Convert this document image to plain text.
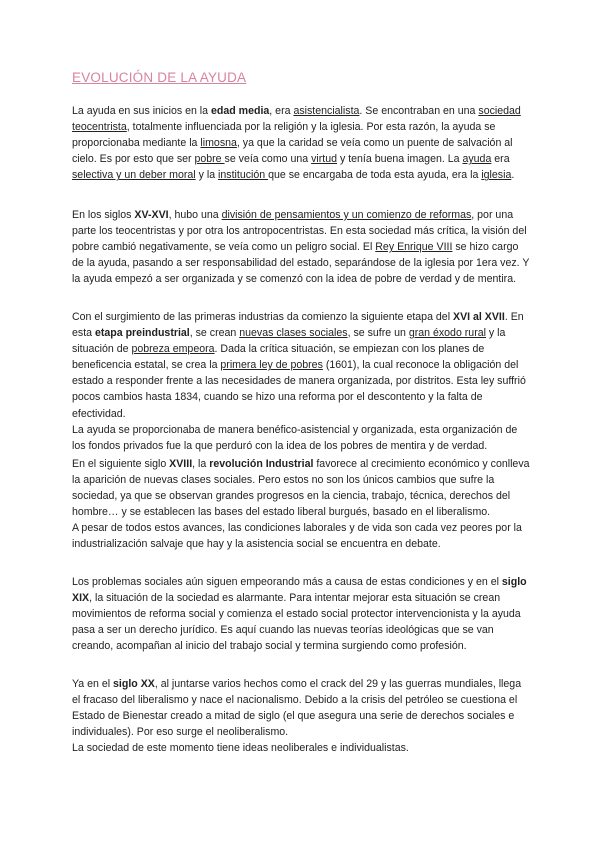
EVOLUCIÓN DE LA AYUDA

La ayuda en sus inicios en la edad media, era asistencialista. Se encontraban en una sociedad teocentrista, totalmente influenciada por la religión y la iglesia. Por esta razón, la ayuda se proporcionaba mediante la limosna, ya que la caridad se veía como un puente de salvación al cielo. Es por esto que ser pobre se veía como una virtud y tenía buena imagen. La ayuda era selectiva y un deber moral y la institución que se encargaba de toda esta ayuda, era la iglesia.

En los siglos XV-XVI, hubo una división de pensamientos y un comienzo de reformas, por una parte los teocentristas y por otra los antropocentristas. En esta sociedad más crítica, la visión del pobre cambió negativamente, se veía como un peligro social. El Rey Enrique VIII se hizo cargo de la ayuda, pasando a ser responsabilidad del estado, separándose de la iglesia por 1era vez. Y la ayuda empezó a ser organizada y se comenzó con la idea de pobre de verdad y de mentira.

Con el surgimiento de las primeras industrias da comienzo la siguiente etapa del XVI al XVII. En esta etapa preindustrial, se crean nuevas clases sociales, se sufre un gran éxodo rural y la situación de pobreza empeora. Dada la crítica situación, se empiezan con los planes de beneficencia estatal, se crea la primera ley de pobres (1601), la cual reconoce la obligación del estado a responder frente a las necesidades de manera organizada, por distritos. Esta ley suffrió pocos cambios hasta 1834, cuando se hizo una reforma por el descontento y la falta de efectividad.
La ayuda se proporcionaba de manera benéfico-asistencial y organizada, esta organización de los fondos privados fue la que perduró con la idea de los pobres de mentira y de verdad.

En el siguiente siglo XVIII, la revolución Industrial favorece al crecimiento económico y conlleva la aparición de nuevas clases sociales. Pero estos no son los únicos cambios que sufre la sociedad, ya que se observan grandes progresos en la ciencia, trabajo, técnica, derechos del hombre… y se establecen las bases del estado liberal burgués, basado en el liberalismo.
A pesar de todos estos avances, las condiciones laborales y de vida son cada vez peores por la industrialización salvaje que hay y la asistencia social se encuentra en debate.

Los problemas sociales aún siguen empeorando más a causa de estas condiciones y en el siglo XIX, la situación de la sociedad es alarmante. Para intentar mejorar esta situación se crean movimientos de reforma social y comienza el estado social protector intervencionista y la ayuda pasa a ser un derecho jurídico. Es aquí cuando las nuevas teorías ideológicas que se van creando, acompañan al inicio del trabajo social y termina surgiendo como profesión.

Ya en el siglo XX, al juntarse varios hechos como el crack del 29 y las guerras mundiales, llega el fracaso del liberalismo y nace el nacionalismo. Debido a la crisis del petróleo se cuestiona el Estado de Bienestar creado a mitad de siglo (el que asegura una serie de derechos sociales e individuales). Por eso surge el neoliberalismo.
La sociedad de este momento tiene ideas neoliberales e individualistas.
